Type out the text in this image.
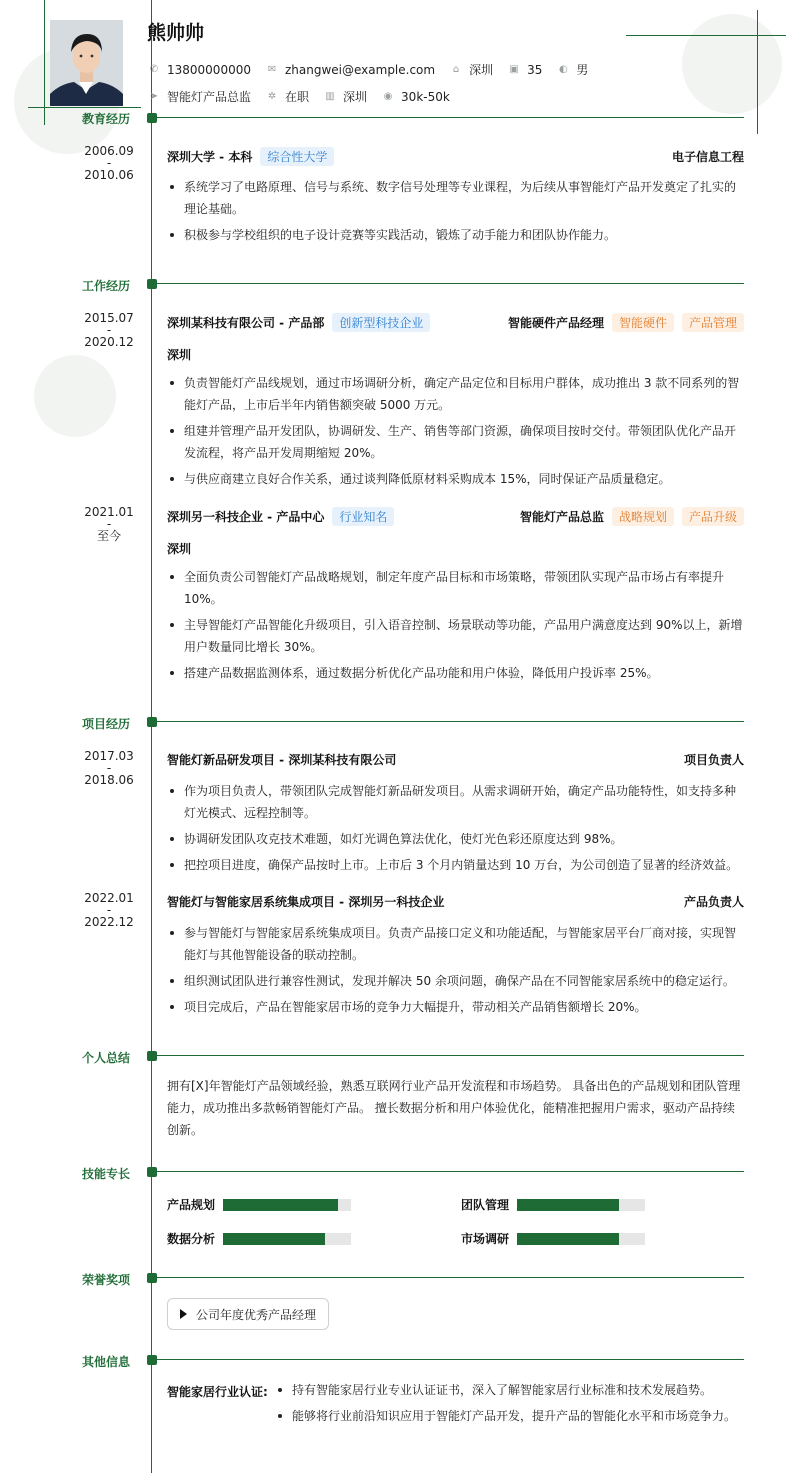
熊帅帅
✆ 13800000000 ✉ zhangwei@example.com	⌂ 深圳 ▣ 35 ◐ 男
➤ 智能灯产品总监 ✲ 在职 ▥ 深圳 ◉ 30k-50k
教育经历
2006.09
-
2010.06
深圳大学 - 本科	综合性大学	电子信息工程
系统学习了电路原理、信号与系统、数字信号处理等专业课程，为后续从事智能灯产品开发奠定了扎实的理论基础。
积极参与学校组织的电子设计竞赛等实践活动，锻炼了动手能力和团队协作能力。
工作经历
2015.07
-
2020.12
深圳某科技有限公司 - 产品部	创新型科技企业	智能硬件产品经理	智能硬件	产品管理
深圳
负责智能灯产品线规划，通过市场调研分析，确定产品定位和目标用户群体，成功推出 3 款不同系列的智能灯产品，上市后半年内销售额突破 5000 万元。
组建并管理产品开发团队，协调研发、生产、销售等部门资源，确保项目按时交付。带领团队优化产品开发流程，将产品开发周期缩短 20%。
与供应商建立良好合作关系，通过谈判降低原材料采购成本 15%，同时保证产品质量稳定。
2021.01
-
至今
深圳另一科技企业 - 产品中心	行业知名	智能灯产品总监	战略规划	产品升级
深圳
全面负责公司智能灯产品战略规划，制定年度产品目标和市场策略，带领团队实现产品市场占有率提升 10%。
主导智能灯产品智能化升级项目，引入语音控制、场景联动等功能，产品用户满意度达到 90%以上，新增用户数量同比增长 30%。
搭建产品数据监测体系，通过数据分析优化产品功能和用户体验，降低用户投诉率 25%。
项目经历
2017.03
-
2018.06
智能灯新品研发项目 - 深圳某科技有限公司	项目负责人
作为项目负责人，带领团队完成智能灯新品研发项目。从需求调研开始，确定产品功能特性，如支持多种灯光模式、远程控制等。
协调研发团队攻克技术难题，如灯光调色算法优化，使灯光色彩还原度达到 98%。
把控项目进度，确保产品按时上市。上市后 3 个月内销量达到 10 万台，为公司创造了显著的经济效益。
2022.01
-
2022.12
智能灯与智能家居系统集成项目 - 深圳另一科技企业	产品负责人
参与智能灯与智能家居系统集成项目。负责产品接口定义和功能适配，与智能家居平台厂商对接，实现智能灯与其他智能设备的联动控制。
组织测试团队进行兼容性测试，发现并解决 50 余项问题，确保产品在不同智能家居系统中的稳定运行。
项目完成后，产品在智能家居市场的竞争力大幅提升，带动相关产品销售额增长 20%。
个人总结
拥有[X]年智能灯产品领域经验，熟悉互联网行业产品开发流程和市场趋势。 具备出色的产品规划和团队管理能力，成功推出多款畅销智能灯产品。 擅长数据分析和用户体验优化，能精准把握用户需求，驱动产品持续创新。
技能专长
产品规划	团队管理
数据分析	市场调研
荣誉奖项
公司年度优秀产品经理
其他信息
智能家居行业认证:	持有智能家居行业专业认证证书，深入了解智能家居行业标准和技术发展趋势。
能够将行业前沿知识应用于智能灯产品开发，提升产品的智能化水平和市场竞争力。
